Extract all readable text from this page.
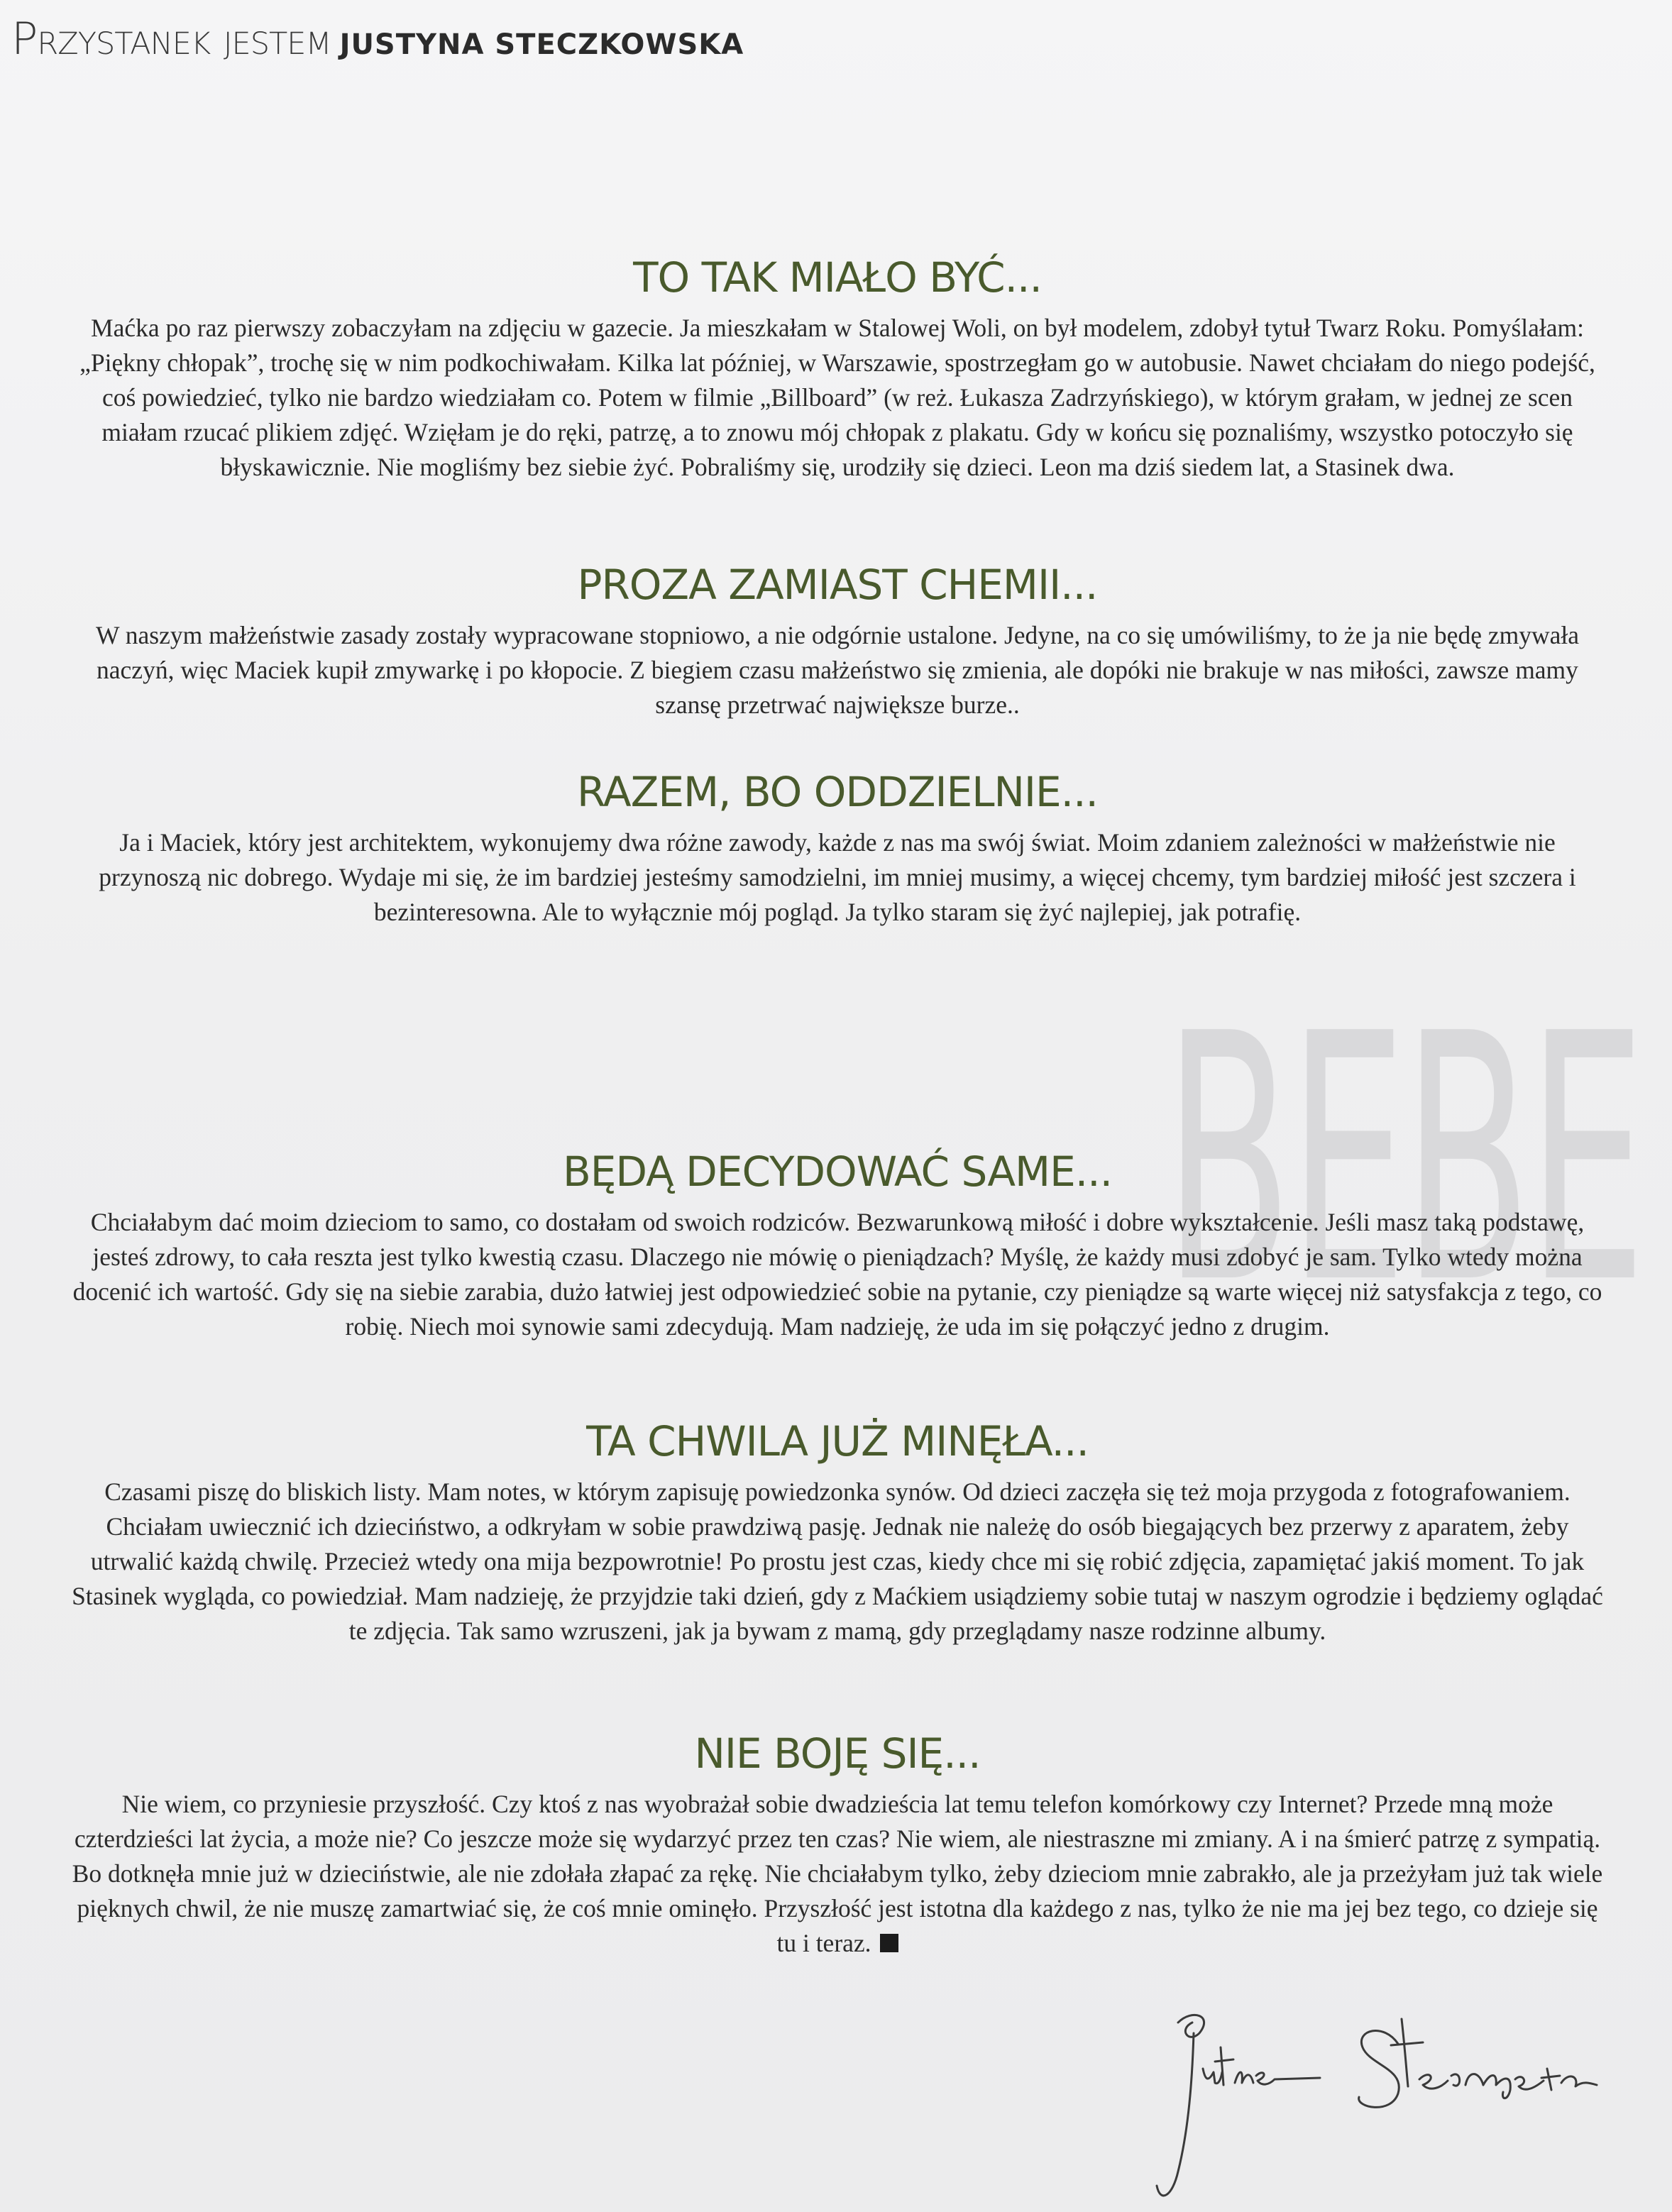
BEBE
Przystanek jestem JUSTYNA STECZKOWSKA
TO TAK MIAŁO BYĆ...

Maćka po raz pierwszy zobaczyłam na zdjęciu w gazecie. Ja mieszkałam w Stalowej Woli, on był modelem, zdobył tytuł Twarz Roku. Pomyślałam: „Piękny chłopak”, trochę się w nim podkochiwałam. Kilka lat później, w Warszawie, spostrzegłam go w autobusie. Nawet chciałam do niego podejść, coś powiedzieć, tylko nie bardzo wiedziałam co. Potem w filmie „Billboard” (w reż. Łukasza Zadrzyńskiego), w którym grałam, w jednej ze scen miałam rzucać plikiem zdjęć. Wzięłam je do ręki, patrzę, a to znowu mój chłopak z plakatu. Gdy w końcu się poznaliśmy, wszystko potoczyło się błyskawicznie. Nie mogliśmy bez siebie żyć. Pobraliśmy się, urodziły się dzieci. Leon ma dziś siedem lat, a Stasinek dwa.

PROZA ZAMIAST CHEMII...

W naszym małżeństwie zasady zostały wypracowane stopniowo, a nie odgórnie ustalone. Jedyne, na co się umówiliśmy, to że ja nie będę zmywała naczyń, więc Maciek kupił zmywarkę i po kłopocie. Z biegiem czasu małżeństwo się zmienia, ale dopóki nie brakuje w nas miłości, zawsze mamy szansę przetrwać największe burze..

RAZEM, BO ODDZIELNIE...

Ja i Maciek, który jest architektem, wykonujemy dwa różne zawody, każde z nas ma swój świat. Moim zdaniem zależności w małżeństwie nie przynoszą nic dobrego. Wydaje mi się, że im bardziej jesteśmy samodzielni, im mniej musimy, a więcej chcemy, tym bardziej miłość jest szczera i bezinteresowna. Ale to wyłącznie mój pogląd. Ja tylko staram się żyć najlepiej, jak potrafię.

BĘDĄ DECYDOWAĆ SAME...

Chciałabym dać moim dzieciom to samo, co dostałam od swoich rodziców. Bezwarunkową miłość i dobre wykształcenie. Jeśli masz taką podstawę, jesteś zdrowy, to cała reszta jest tylko kwestią czasu. Dlaczego nie mówię o pieniądzach? Myślę, że każdy musi zdobyć je sam. Tylko wtedy można docenić ich wartość. Gdy się na siebie zarabia, dużo łatwiej jest odpowiedzieć sobie na pytanie, czy pieniądze są warte więcej niż satysfakcja z tego, co robię. Niech moi synowie sami zdecydują. Mam nadzieję, że uda im się połączyć jedno z drugim.

TA CHWILA JUŻ MINĘŁA...

Czasami piszę do bliskich listy. Mam notes, w którym zapisuję powiedzonka synów. Od dzieci zaczęła się też moja przygoda z fotografowaniem. Chciałam uwiecznić ich dzieciństwo, a odkryłam w sobie prawdziwą pasję. Jednak nie należę do osób biegających bez przerwy z aparatem, żeby utrwalić każdą chwilę. Przecież wtedy ona mija bezpowrotnie! Po prostu jest czas, kiedy chce mi się robić zdjęcia, zapamiętać jakiś moment. To jak Stasinek wygląda, co powiedział. Mam nadzieję, że przyjdzie taki dzień, gdy z Maćkiem usiądziemy sobie tutaj w naszym ogrodzie i będziemy oglądać te zdjęcia. Tak samo wzruszeni, jak ja bywam z mamą, gdy przeglądamy nasze rodzinne albumy.

NIE BOJĘ SIĘ...

Nie wiem, co przyniesie przyszłość. Czy ktoś z nas wyobrażał sobie dwadzieścia lat temu telefon komórkowy czy Internet? Przede mną może czterdzieści lat życia, a może nie? Co jeszcze może się wydarzyć przez ten czas? Nie wiem, ale niestraszne mi zmiany. A i na śmierć patrzę z sympatią. Bo dotknęła mnie już w dzieciństwie, ale nie zdołała złapać za rękę. Nie chciałabym tylko, żeby dzieciom mnie zabrakło, ale ja przeżyłam już tak wiele pięknych chwil, że nie muszę zamartwiać się, że coś mnie ominęło. Przyszłość jest istotna dla każdego z nas, tylko że nie ma jej bez tego, co dzieje się tu i teraz.
